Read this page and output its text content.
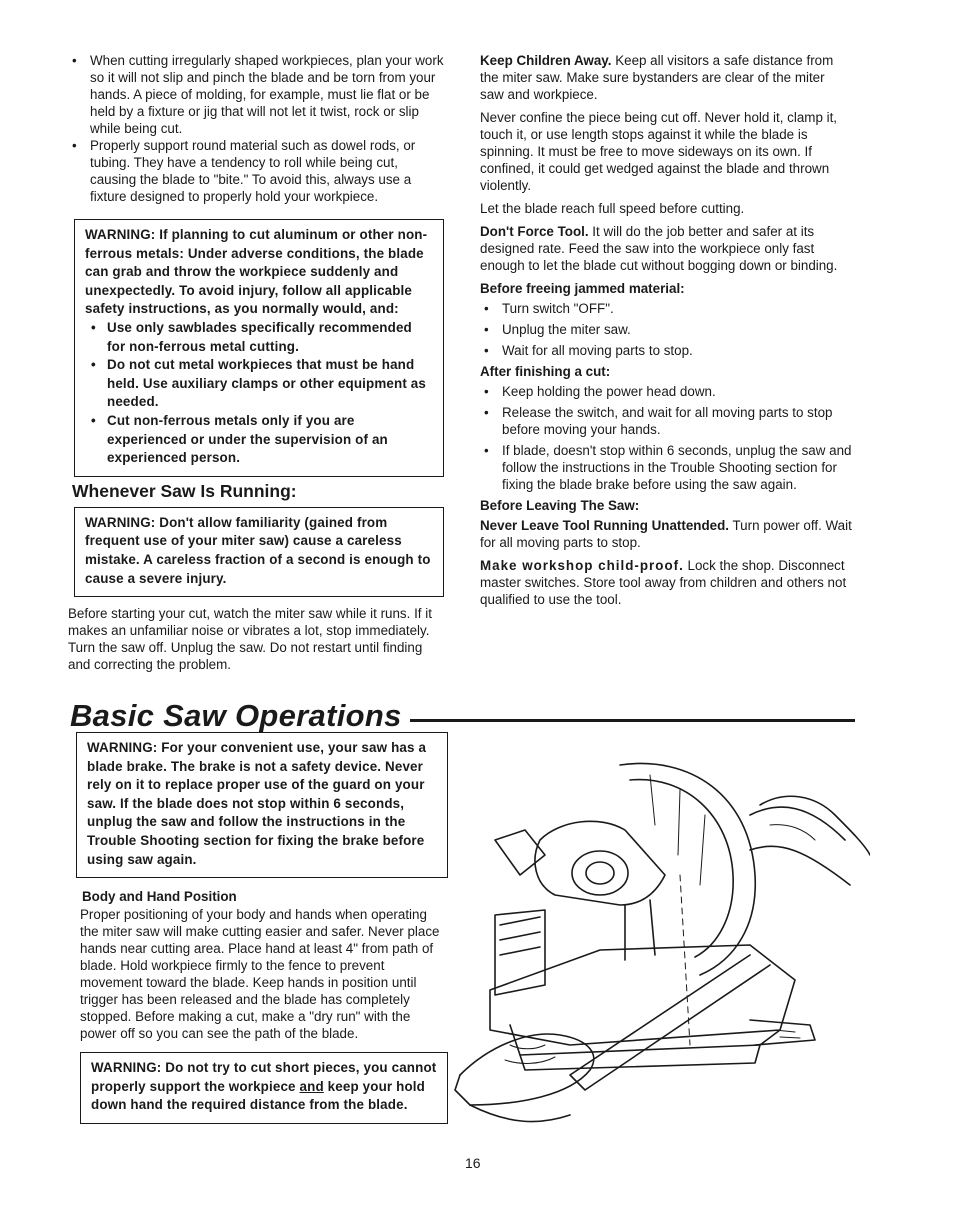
• When cutting irregularly shaped workpieces, plan your work so it will not slip and pinch the blade and be torn from your hands. A piece of molding, for example, must lie flat or be held by a fixture or jig that will not let it twist, rock or slip while being cut.

• Properly support round material such as dowel rods, or tubing. They have a tendency to roll while being cut, causing the blade to "bite." To avoid this, always use a fixture designed to properly hold your workpiece.

WARNING: If planning to cut aluminum or other non-ferrous metals: Under adverse conditions, the blade can grab and throw the workpiece suddenly and unexpectedly. To avoid injury, follow all applicable safety instructions, as you normally would, and:
• Use only sawblades specifically recommended for non-ferrous metal cutting.
• Do not cut metal workpieces that must be hand held. Use auxiliary clamps or other equipment as needed.
• Cut non-ferrous metals only if you are experienced or under the supervision of an experienced person.
Whenever Saw Is Running:
WARNING: Don't allow familiarity (gained from frequent use of your miter saw) cause a careless mistake. A careless fraction of a second is enough to cause a severe injury.

Before starting your cut, watch the miter saw while it runs. If it makes an unfamiliar noise or vibrates a lot, stop immediately. Turn the saw off. Unplug the saw. Do not restart until finding and correcting the problem.

Keep Children Away. Keep all visitors a safe distance from the miter saw. Make sure bystanders are clear of the miter saw and workpiece.

Never confine the piece being cut off. Never hold it, clamp it, touch it, or use length stops against it while the blade is spinning. It must be free to move sideways on its own. If confined, it could get wedged against the blade and thrown violently.

Let the blade reach full speed before cutting.

Don't Force Tool. It will do the job better and safer at its designed rate. Feed the saw into the workpiece only fast enough to let the blade cut without bogging down or binding.

Before freeing jammed material:

• Turn switch "OFF".

• Unplug the miter saw.

• Wait for all moving parts to stop.

After finishing a cut:

• Keep holding the power head down.

• Release the switch, and wait for all moving parts to stop before moving your hands.

• If blade, doesn't stop within 6 seconds, unplug the saw and follow the instructions in the Trouble Shooting section for fixing the blade brake before using the saw again.

Before Leaving The Saw:

Never Leave Tool Running Unattended. Turn power off. Wait for all moving parts to stop.

Make workshop child-proof. Lock the shop. Disconnect master switches. Store tool away from children and others not qualified to use the tool.

Basic Saw Operations
WARNING: For your convenient use, your saw has a blade brake. The brake is not a safety device. Never rely on it to replace proper use of the guard on your saw. If the blade does not stop within 6 seconds, unplug the saw and follow the instructions in the Trouble Shooting section for fixing the brake before using saw again.
Body and Hand Position

Proper positioning of your body and hands when operating the miter saw will make cutting easier and safer. Never place hands near cutting area. Place hand at least 4" from path of blade. Hold workpiece firmly to the fence to prevent movement toward the blade. Keep hands in position until trigger has been released and the blade has completely stopped. Before making a cut, make a "dry run" with the power off so you can see the path of the blade.

WARNING: Do not try to cut short pieces, you cannot properly support the workpiece and keep your hold down hand the required distance from the blade.
16
